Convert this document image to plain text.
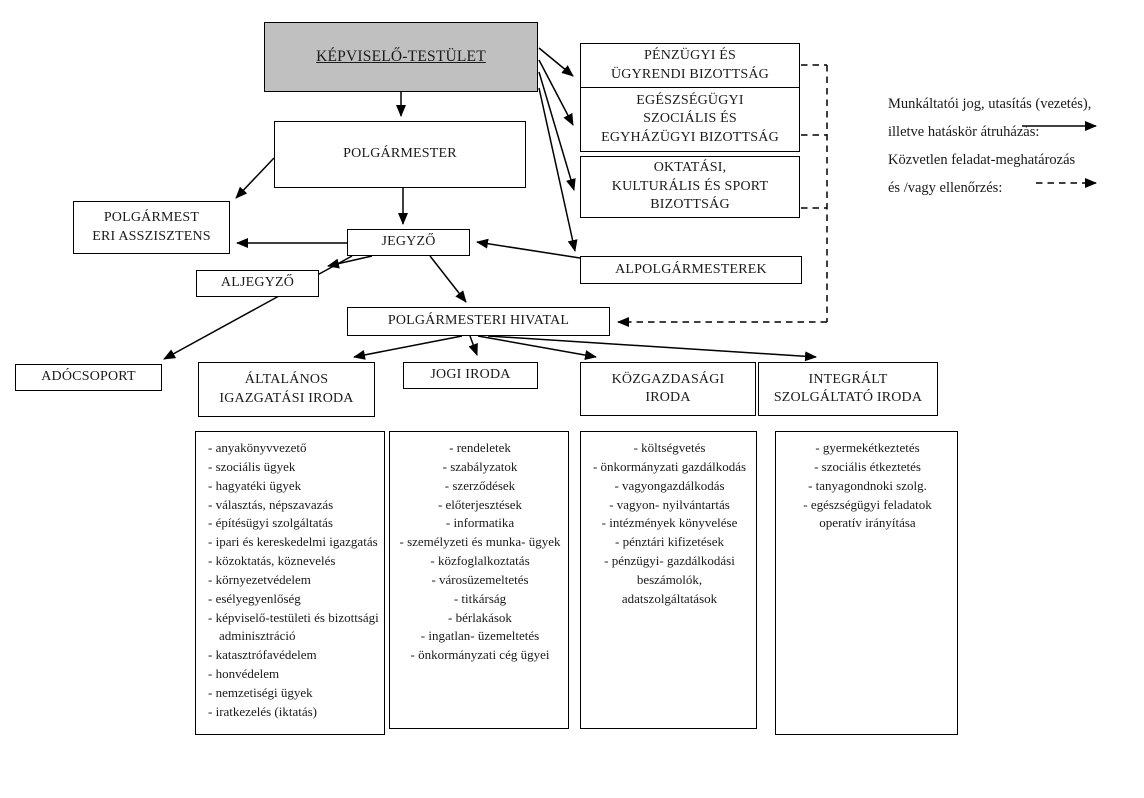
KÉPVISELŐ-TESTÜLET
POLGÁRMESTER
PÉNZÜGYI ÉS
ÜGYRENDI BIZOTTSÁG
EGÉSZSÉGÜGYI
SZOCIÁLIS ÉS
EGYHÁZÜGYI BIZOTTSÁG
OKTATÁSI,
KULTURÁLIS ÉS SPORT
BIZOTTSÁG
POLGÁRMEST
ERI ASSZISZTENS	JEGYZŐ
ALJEGYZŐ
ALPOLGÁRMESTEREK
POLGÁRMESTERI HIVATAL
ADÓCSOPORT	ÁLTALÁNOS
IGAZGATÁSI IRODA
JOGI IRODA	KÖZGAZDASÁGI
IRODA
INTEGRÁLT
SZOLGÁLTATÓ IRODA
- anyakönyvvezető
- szociális ügyek
- hagyatéki ügyek
- választás, népszavazás
- építésügyi szolgáltatás
- ipari és kereskedelmi igazgatás
- közoktatás, köznevelés
- környezetvédelem
- esélyegyenlőség
- képviselő-testületi és bizottsági adminisztráció
- katasztrófavédelem
- honvédelem
- nemzetiségi ügyek
- iratkezelés (iktatás)
- rendeletek
- szabályzatok
- szerződések
- előterjesztések
- informatika
- személyzeti és munka- ügyek
- közfoglalkoztatás
- városüzemeltetés
- titkárság
- bérlakások
- ingatlan- üzemeltetés
- önkormányzati cég ügyei
- költségvetés
- önkormányzati gazdálkodás
- vagyongazdálkodás
- vagyon- nyilvántartás
- intézmények könyvelése
- pénztári kifizetések
- pénzügyi- gazdálkodási beszámolók, adatszolgáltatások
- gyermekétkeztetés
- szociális étkeztetés
- tanyagondnoki szolg.
- egészségügyi feladatok operatív irányítása
Munkáltatói jog, utasítás (vezetés),
illetve hatáskör átruházás:
Közvetlen feladat-meghatározás
és /vagy ellenőrzés:
